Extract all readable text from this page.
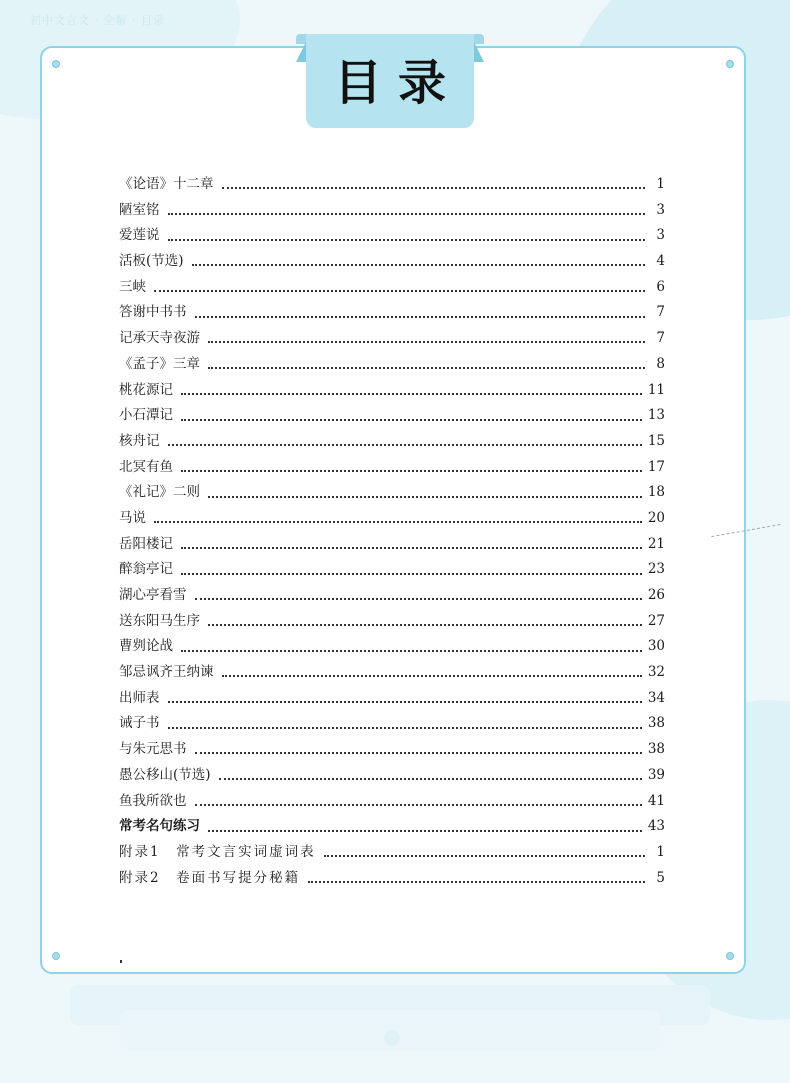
初中文言文 · 全解 · 目录
目录
《论语》十二章	1
陋室铭	3
爱莲说	3
活板(节选)	4
三峡	6
答谢中书书	7
记承天寺夜游	7
《孟子》三章	8
桃花源记	11
小石潭记	13
核舟记	15
北冥有鱼	17
《礼记》二则	18
马说	20
岳阳楼记	21
醉翁亭记	23
湖心亭看雪	26
送东阳马生序	27
曹刿论战	30
邹忌讽齐王纳谏	32
出师表	34
诫子书	38
与朱元思书	38
愚公移山(节选)	39
鱼我所欲也	41
常考名句练习	43
附录1　常考文言实词虚词表	1
附录2　卷面书写提分秘籍	5
